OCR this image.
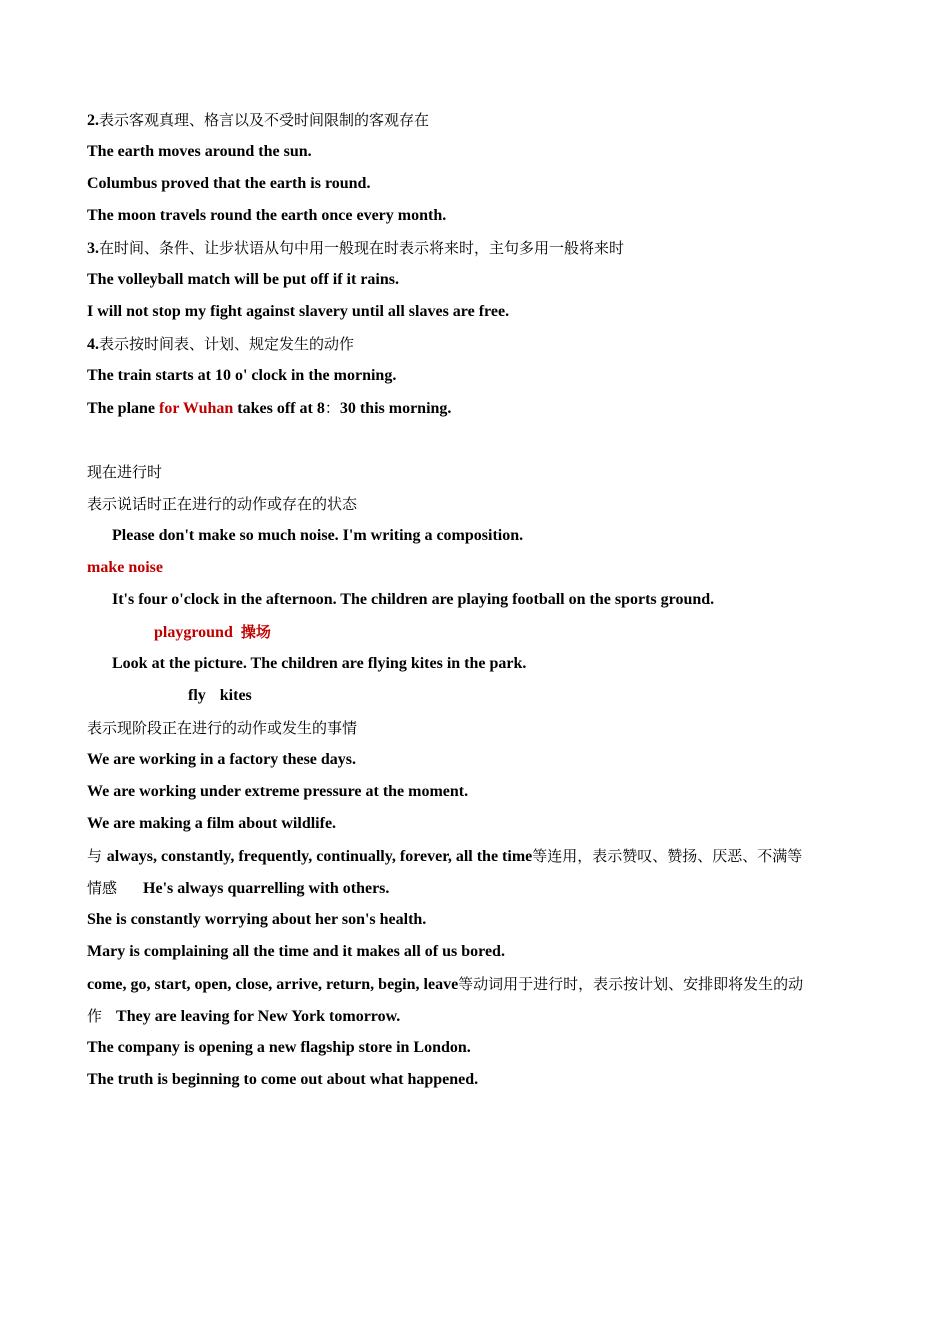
2.表示客观真理、格言以及不受时间限制的客观存在
The earth moves around the sun.
Columbus proved that the earth is round.
The moon travels round the earth once every month.
3.在时间、条件、让步状语从句中用一般现在时表示将来时，主句多用一般将来时
The volleyball match will be put off if it rains.
I will not stop my fight against slavery until all slaves are free.
4.表示按时间表、计划、规定发生的动作
The train starts at 10 o' clock in the morning.
The plane for Wuhan takes off at 8：30 this morning.
现在进行时
表示说话时正在进行的动作或存在的状态
Please don't make so much noise. I'm writing a composition.
make noise
It's four o'clock in the afternoon. The children are playing football on the sports ground.
playground 操场
Look at the picture. The children are flying kites in the park.
fly kites
表示现阶段正在进行的动作或发生的事情
We are working in a factory these days.
We are working under extreme pressure at the moment.
We are making a film about wildlife.
与 always, constantly, frequently, continually, forever, all the time等连用，表示赞叹、赞扬、厌恶、不满等
情感 He's always quarrelling with others.
She is constantly worrying about her son's health.
Mary is complaining all the time and it makes all of us bored.
come, go, start, open, close, arrive, return, begin, leave等动词用于进行时，表示按计划、安排即将发生的动
作 They are leaving for New York tomorrow.
The company is opening a new flagship store in London.
The truth is beginning to come out about what happened.
